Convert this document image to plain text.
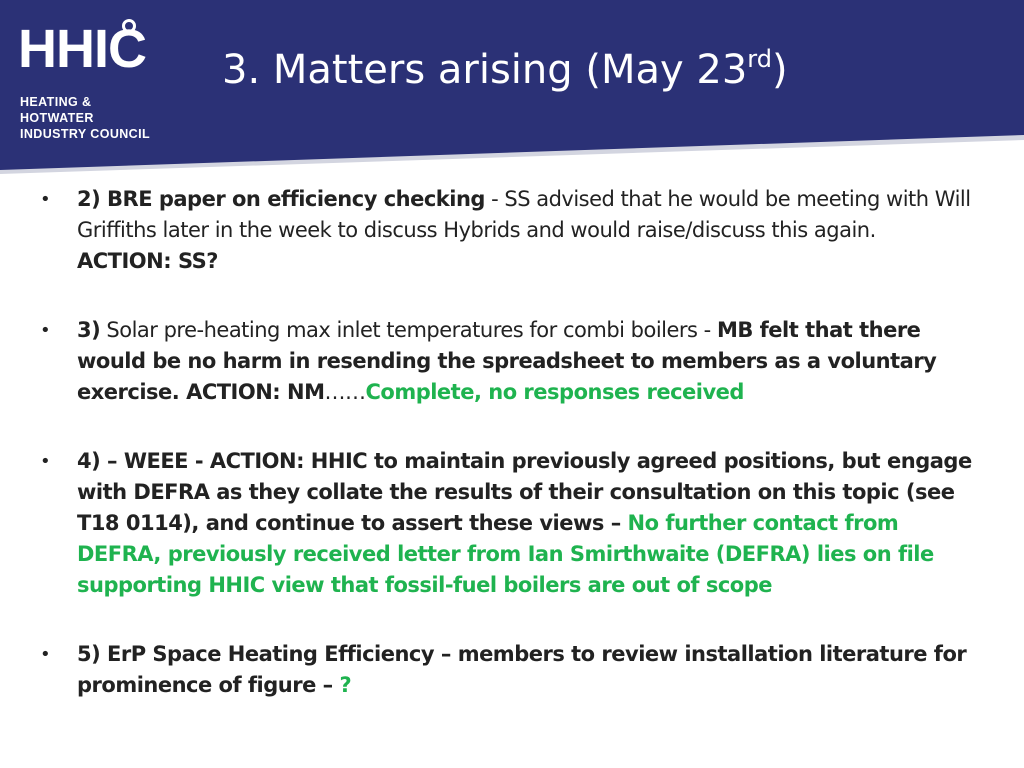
HHIC
HEATING & HOTWATER
INDUSTRY COUNCIL
3. Matters arising (May 23rd)
• 2) BRE paper on efficiency checking - SS advised that he would be meeting with Will Griffiths later in the week to discuss Hybrids and would raise/discuss this again. ACTION: SS?
• 3) Solar pre-heating max inlet temperatures for combi boilers - MB felt that there would be no harm in resending the spreadsheet to members as a voluntary exercise. ACTION: NM……Complete, no responses received
• 4) – WEEE - ACTION: HHIC to maintain previously agreed positions, but engage with DEFRA as they collate the results of their consultation on this topic (see T18 0114), and continue to assert these views – No further contact from DEFRA, previously received letter from Ian Smirthwaite (DEFRA) lies on file supporting HHIC view that fossil-fuel boilers are out of scope
• 5) ErP Space Heating Efficiency – members to review installation literature for prominence of figure – ?
